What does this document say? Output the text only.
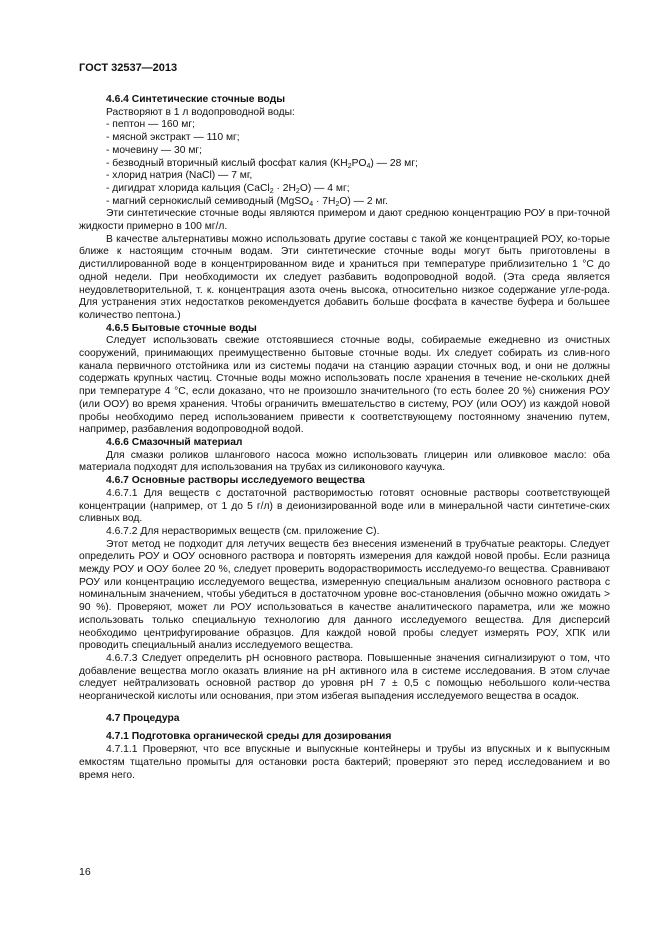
ГОСТ 32537—2013

4.6.4 Синтетические сточные воды

Растворяют в 1 л водопроводной воды:

- пептон — 160 мг;

- мясной экстракт — 110 мг;

- мочевину — 30 мг;

- безводный вторичный кислый фосфат калия $(KH_2PO_4)$ — 28 мг;

- хлорид натрия (NaCl) — 7 мг,

- дигидрат хлорида кальция (CaCl$_2$ · $2H_2O$) — 4 мг;

- магний сернокислый семиводный (MgSO$_4$ · $7H_2O$) — 2 мг.

Эти синтетические сточные воды являются примером и дают среднюю концентрацию РОУ в при-точной жидкости примерно в 100 мг/л.

В качестве альтернативы можно использовать другие составы с такой же концентрацией РОУ, ко-торые ближе к настоящим сточным водам. Эти синтетические сточные воды могут быть приготовлены в дистиллированной воде в концентрированном виде и храниться при температуре приблизительно 1 °С до одной недели. При необходимости их следует разбавить водопроводной водой. (Эта среда является неудовлетворительной, т. к. концентрация азота очень высока, относительно низкое содержание угле-рода. Для устранения этих недостатков рекомендуется добавить больше фосфата в качестве буфера и большее количество пептона.)

4.6.5 Бытовые сточные воды

Следует использовать свежие отстоявшиеся сточные воды, собираемые ежедневно из очистных сооружений, принимающих преимущественно бытовые сточные воды. Их следует собирать из слив-ного канала первичного отстойника или из системы подачи на станцию аэрации сточных вод, и они не должны содержать крупных частиц. Сточные воды можно использовать после хранения в течение не-скольких дней при температуре 4 °С, если доказано, что не произошло значительного (то есть более 20 %) снижения РОУ (или ООУ) во время хранения. Чтобы ограничить вмешательство в систему, РОУ (или ООУ) из каждой новой пробы необходимо перед использованием привести к соответствующему постоянному значению путем, например, разбавления водопроводной водой.

4.6.6 Смазочный материал

Для смазки роликов шлангового насоса можно использовать глицерин или оливковое масло: оба материала подходят для использования на трубах из силиконового каучука.

4.6.7 Основные растворы исследуемого вещества

4.6.7.1 Для веществ с достаточной растворимостью готовят основные растворы соответствующей концентрации (например, от 1 до 5 г/л) в деионизированной воде или в минеральной части синтетиче-ских сливных вод.

4.6.7.2 Для нерастворимых веществ (см. приложение С).

Этот метод не подходит для летучих веществ без внесения изменений в трубчатые реакторы. Следует определить РОУ и ООУ основного раствора и повторять измерения для каждой новой пробы. Если разница между РОУ и ООУ более 20 %, следует проверить водорастворимость исследуемо-го вещества. Сравнивают РОУ или концентрацию исследуемого вещества, измеренную специальным анализом основного раствора с номинальным значением, чтобы убедиться в достаточном уровне вос-становления (обычно можно ожидать > 90 %). Проверяют, может ли РОУ использоваться в качестве аналитического параметра, или же можно использовать только специальную технологию для данного исследуемого вещества. Для дисперсий необходимо центрифугирование образцов. Для каждой новой пробы следует измерять РОУ, ХПК или проводить специальный анализ исследуемого вещества.

4.6.7.3 Следует определить pH основного раствора. Повышенные значения сигнализируют о том, что добавление вещества могло оказать влияние на pH активного ила в системе исследования. В этом случае следует нейтрализовать основной раствор до уровня pH 7 ± 0,5 с помощью небольшого коли-чества неорганической кислоты или основания, при этом избегая выпадения исследуемого вещества в осадок.

4.7 Процедура

4.7.1 Подготовка органической среды для дозирования

4.7.1.1 Проверяют, что все впускные и выпускные контейнеры и трубы из впускных и к выпускным емкостям тщательно промыты для остановки роста бактерий; проверяют это перед исследованием и во время него.

16
